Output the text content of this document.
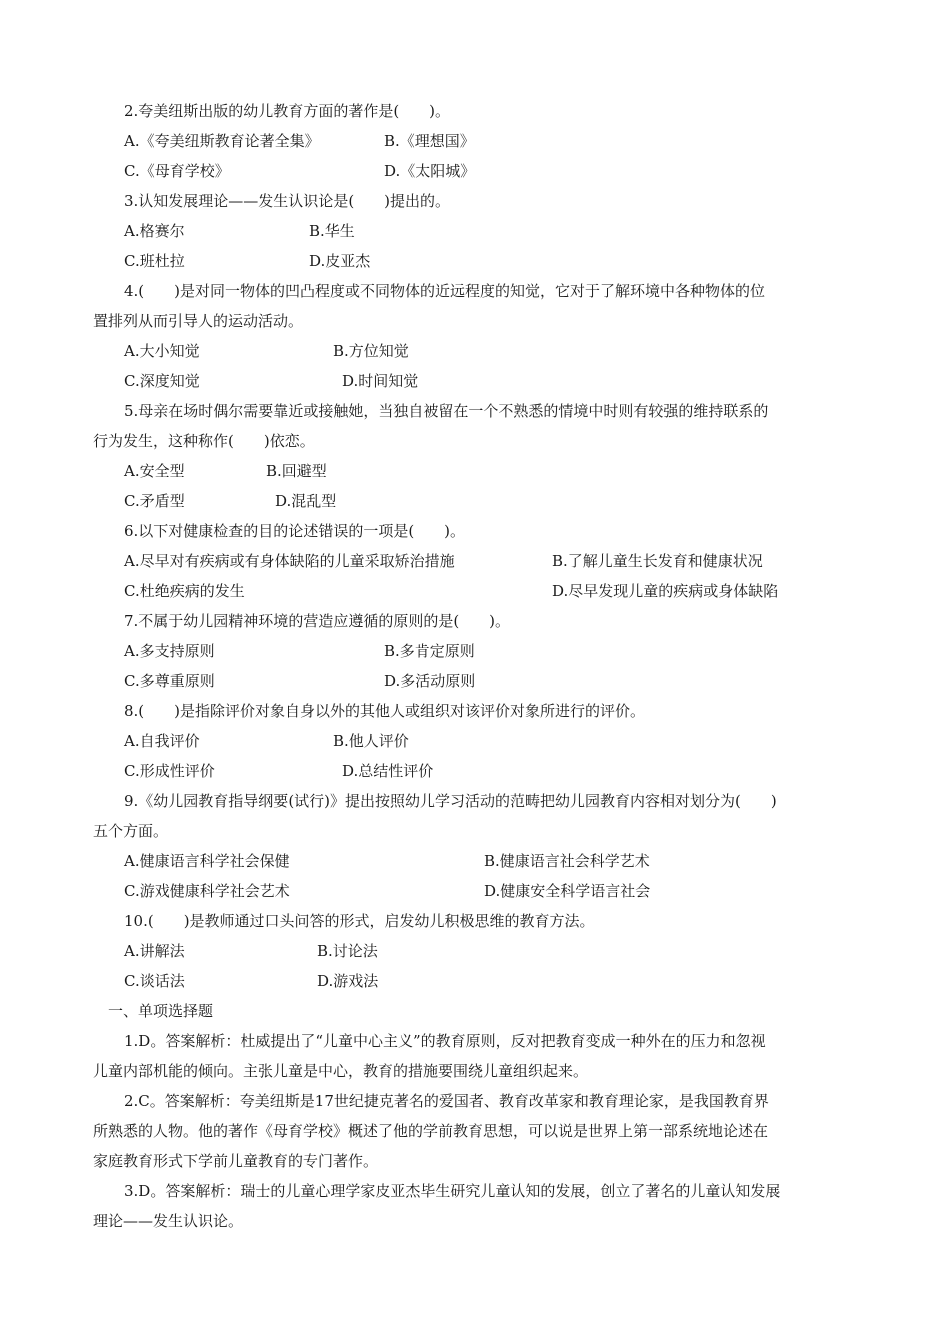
2.夸美纽斯出版的幼儿教育方面的著作是(　　)。
A.《夸美纽斯教育论著全集》	B.《理想国》
C.《母育学校》	D.《太阳城》
3.认知发展理论——发生认识论是(　　)提出的。
A.格赛尔	B.华生
C.班杜拉	D.皮亚杰
4.(　　)是对同一物体的凹凸程度或不同物体的近远程度的知觉，它对于了解环境中各种物体的位
置排列从而引导人的运动活动。
A.大小知觉	B.方位知觉
C.深度知觉	D.时间知觉
5.母亲在场时偶尔需要靠近或接触她，当独自被留在一个不熟悉的情境中时则有较强的维持联系的
行为发生，这种称作(　　)依恋。
A.安全型	B.回避型
C.矛盾型	D.混乱型
6.以下对健康检查的目的论述错误的一项是(　　)。
A.尽早对有疾病或有身体缺陷的儿童采取矫治措施	B.了解儿童生长发育和健康状况
C.杜绝疾病的发生	D.尽早发现儿童的疾病或身体缺陷
7.不属于幼儿园精神环境的营造应遵循的原则的是(　　)。
A.多支持原则	B.多肯定原则
C.多尊重原则	D.多活动原则
8.(　　)是指除评价对象自身以外的其他人或组织对该评价对象所进行的评价。
A.自我评价	B.他人评价
C.形成性评价	D.总结性评价
9.《幼儿园教育指导纲要(试行)》提出按照幼儿学习活动的范畴把幼儿园教育内容相对划分为(　　)
五个方面。
A.健康语言科学社会保健	B.健康语言社会科学艺术
C.游戏健康科学社会艺术	D.健康安全科学语言社会
10.(　　)是教师通过口头问答的形式，启发幼儿积极思维的教育方法。
A.讲解法	B.讨论法
C.谈话法	D.游戏法
一、单项选择题
1.D。答案解析：杜威提出了“儿童中心主义”的教育原则，反对把教育变成一种外在的压力和忽视
儿童内部机能的倾向。主张儿童是中心，教育的措施要围绕儿童组织起来。
2.C。答案解析：夸美纽斯是17世纪捷克著名的爱国者、教育改革家和教育理论家，是我国教育界
所熟悉的人物。他的著作《母育学校》概述了他的学前教育思想，可以说是世界上第一部系统地论述在
家庭教育形式下学前儿童教育的专门著作。
3.D。答案解析：瑞士的儿童心理学家皮亚杰毕生研究儿童认知的发展，创立了著名的儿童认知发展
理论——发生认识论。
